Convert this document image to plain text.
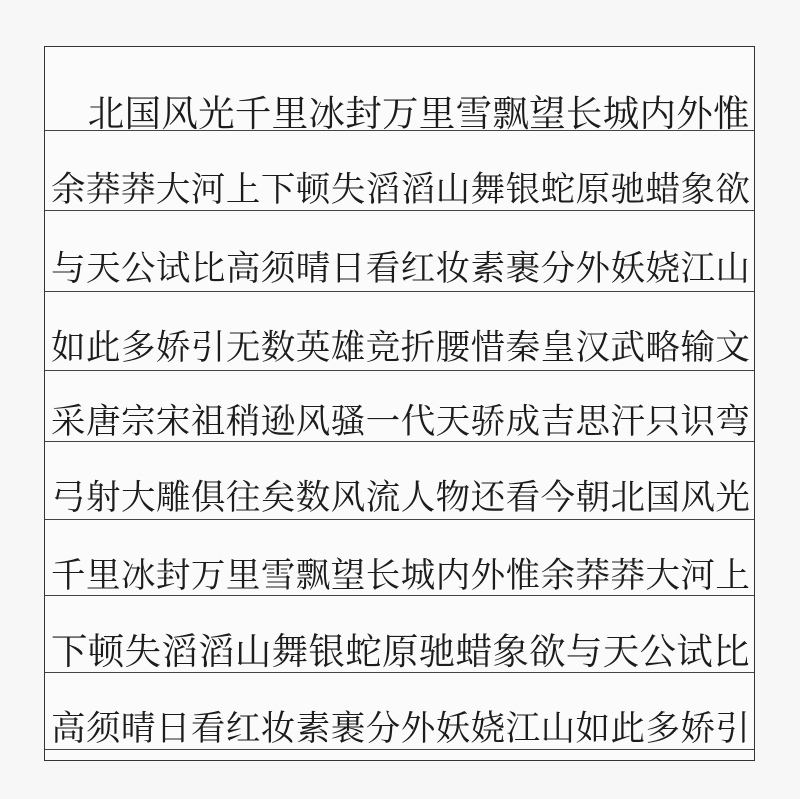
　北国风光千里冰封万里雪飘望长城内外惟
余莽莽大河上下顿失滔滔山舞银蛇原驰蜡象欲
与天公试比高须晴日看红妆素裹分外妖娆江山
如此多娇引无数英雄竞折腰惜秦皇汉武略输文
采唐宗宋祖稍逊风骚一代天骄成吉思汗只识弯
弓射大雕俱往矣数风流人物还看今朝北国风光
千里冰封万里雪飘望长城内外惟余莽莽大河上
下顿失滔滔山舞银蛇原驰蜡象欲与天公试比
高须晴日看红妆素裹分外妖娆江山如此多娇引
